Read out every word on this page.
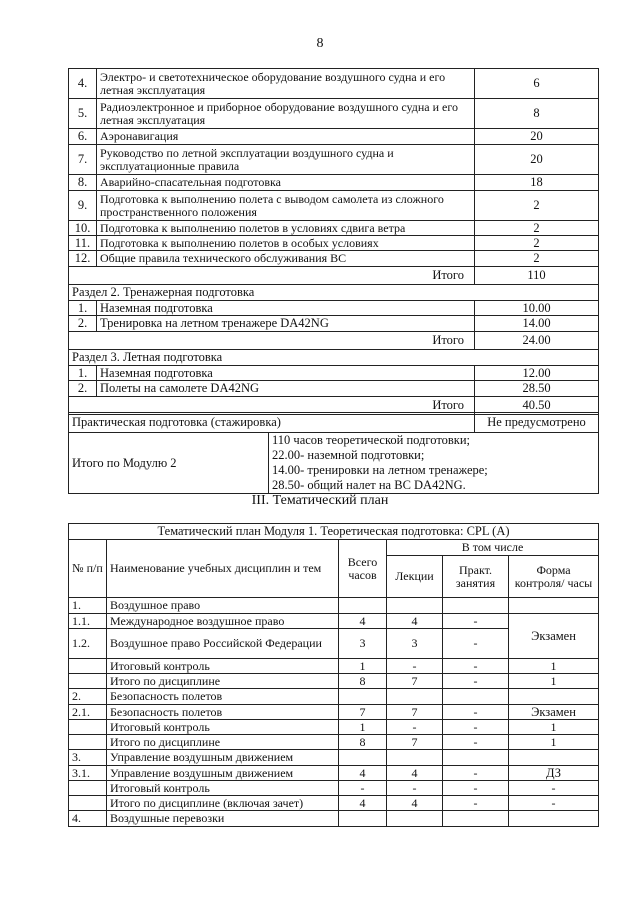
8
4.	Электро- и светотехническое оборудование воздушного судна и его летная эксплуатация	6
5.	Радиоэлектронное и приборное оборудование воздушного судна и его летная эксплуатация	8
6.	Аэронавигация	20
7.	Руководство по летной эксплуатации воздушного судна и эксплуатационные правила	20
8.	Аварийно-спасательная подготовка	18
9.	Подготовка к выполнению полета с выводом самолета из сложного пространственного положения	2
10.	Подготовка к выполнению полетов в условиях сдвига ветра	2
11.	Подготовка к выполнению полетов в особых условиях	2
12.	Общие правила технического обслуживания ВС	2
Итого		110
Раздел 2. Тренажерная подготовка		
1.	Наземная подготовка	10.00
2.	Тренировка на летном тренажере DA42NG	14.00
Итого		24.00
Раздел 3. Летная подготовка		
1.	Наземная подготовка	12.00
2.	Полеты на самолете DA42NG	28.50
Итого		40.50
Практическая подготовка (стажировка)		Не предусмотрено
Итого по Модулю 2	110 часов теоретической подготовки;
22.00- наземной подготовки;
14.00- тренировки на летном тренажере;
28.50- общий налет на ВС DA42NG.	
III. Тематический план
Тематический план Модуля 1. Теоретическая подготовка: CPL (A)					
№ п/п	Наименование учебных дисциплин и тем	Всего часов	В том числе		
			Лекции	Практ. занятия	Форма контроля/ часы
1.	Воздушное право				
1.1.	Международное воздушное право	4	4	-	Экзамен
1.2.	Воздушное право Российской Федерации	3	3	-	
	Итоговый контроль	1	-	-	1
	Итого по дисциплине	8	7	-	1
2.	Безопасность полетов				
2.1.	Безопасность полетов	7	7	-	Экзамен
	Итоговый контроль	1	-	-	1
	Итого по дисциплине	8	7	-	1
3.	Управление воздушным движением				
3.1.	Управление воздушным движением	4	4	-	ДЗ
	Итоговый контроль	-	-	-	-
	Итого по дисциплине (включая зачет)	4	4	-	-
4.	Воздушные перевозки				
